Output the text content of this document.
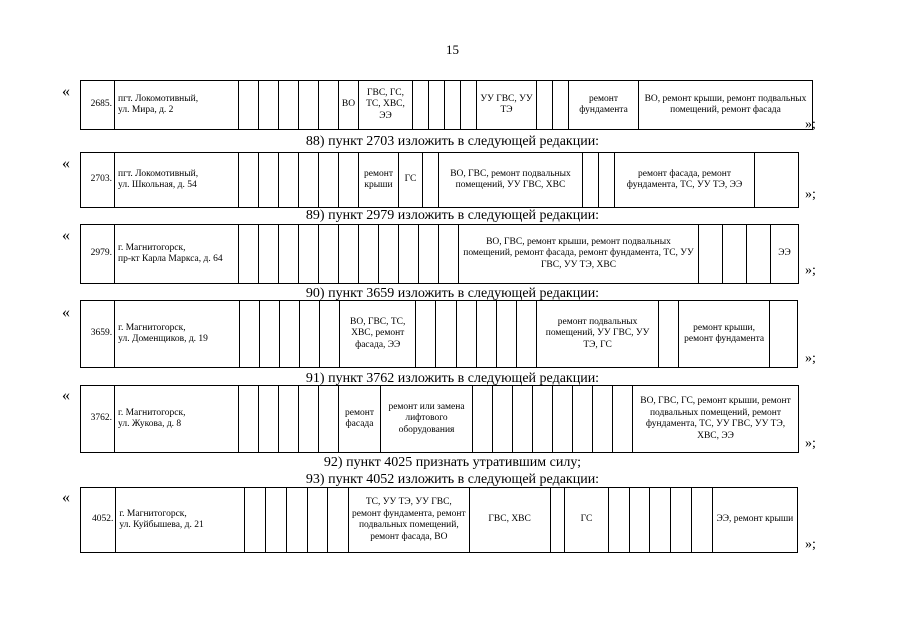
15
«
2685.	пгт. Локомотивный,
ул. Мира, д. 2						ВО	ГВС, ГС, ТС, ХВС, ЭЭ					УУ ГВС, УУ ТЭ			ремонт фундамента	ВО, ремонт крыши, ремонт подвальных помещений, ремонт фасада
»;
88) пункт 2703 изложить в следующей редакции:
«
2703.	пгт. Локомотивный,
ул. Школьная, д. 54							ремонт крыши	ГС		ВО, ГВС, ремонт подвальных помещений, УУ ГВС, ХВС			ремонт фасада, ремонт фундамента, ТС, УУ ТЭ, ЭЭ	
»;
89) пункт 2979 изложить в следующей редакции:
«
2979.	г. Магнитогорск,
пр-кт Карла Маркса, д. 64												ВО, ГВС, ремонт крыши, ремонт подвальных помещений, ремонт фасада, ремонт фундамента, ТС, УУ ГВС, УУ ТЭ, ХВС				ЭЭ
»;
90) пункт 3659 изложить в следующей редакции:
«
3659.	г. Магнитогорск,
ул. Доменщиков, д. 19						ВО, ГВС, ТС, ХВС, ремонт фасада, ЭЭ							ремонт подвальных помещений, УУ ГВС, УУ ТЭ, ГС		ремонт крыши, ремонт фундамента	
»;
91) пункт 3762 изложить в следующей редакции:
«
3762.	г. Магнитогорск,
ул. Жукова, д. 8						ремонт фасада	ремонт или замена лифтового оборудования									ВО, ГВС, ГС, ремонт крыши, ремонт подвальных помещений, ремонт фундамента, ТС, УУ ГВС, УУ ТЭ, ХВС, ЭЭ
»;
92) пункт 4025 признать утратившим силу;
93) пункт 4052 изложить в следующей редакции:
«
4052.	г. Магнитогорск,
ул. Куйбышева, д. 21						ТС, УУ ТЭ, УУ ГВС, ремонт фундамента, ремонт подвальных помещений, ремонт фасада, ВО	ГВС, ХВС		ГС						ЭЭ, ремонт крыши
»;
